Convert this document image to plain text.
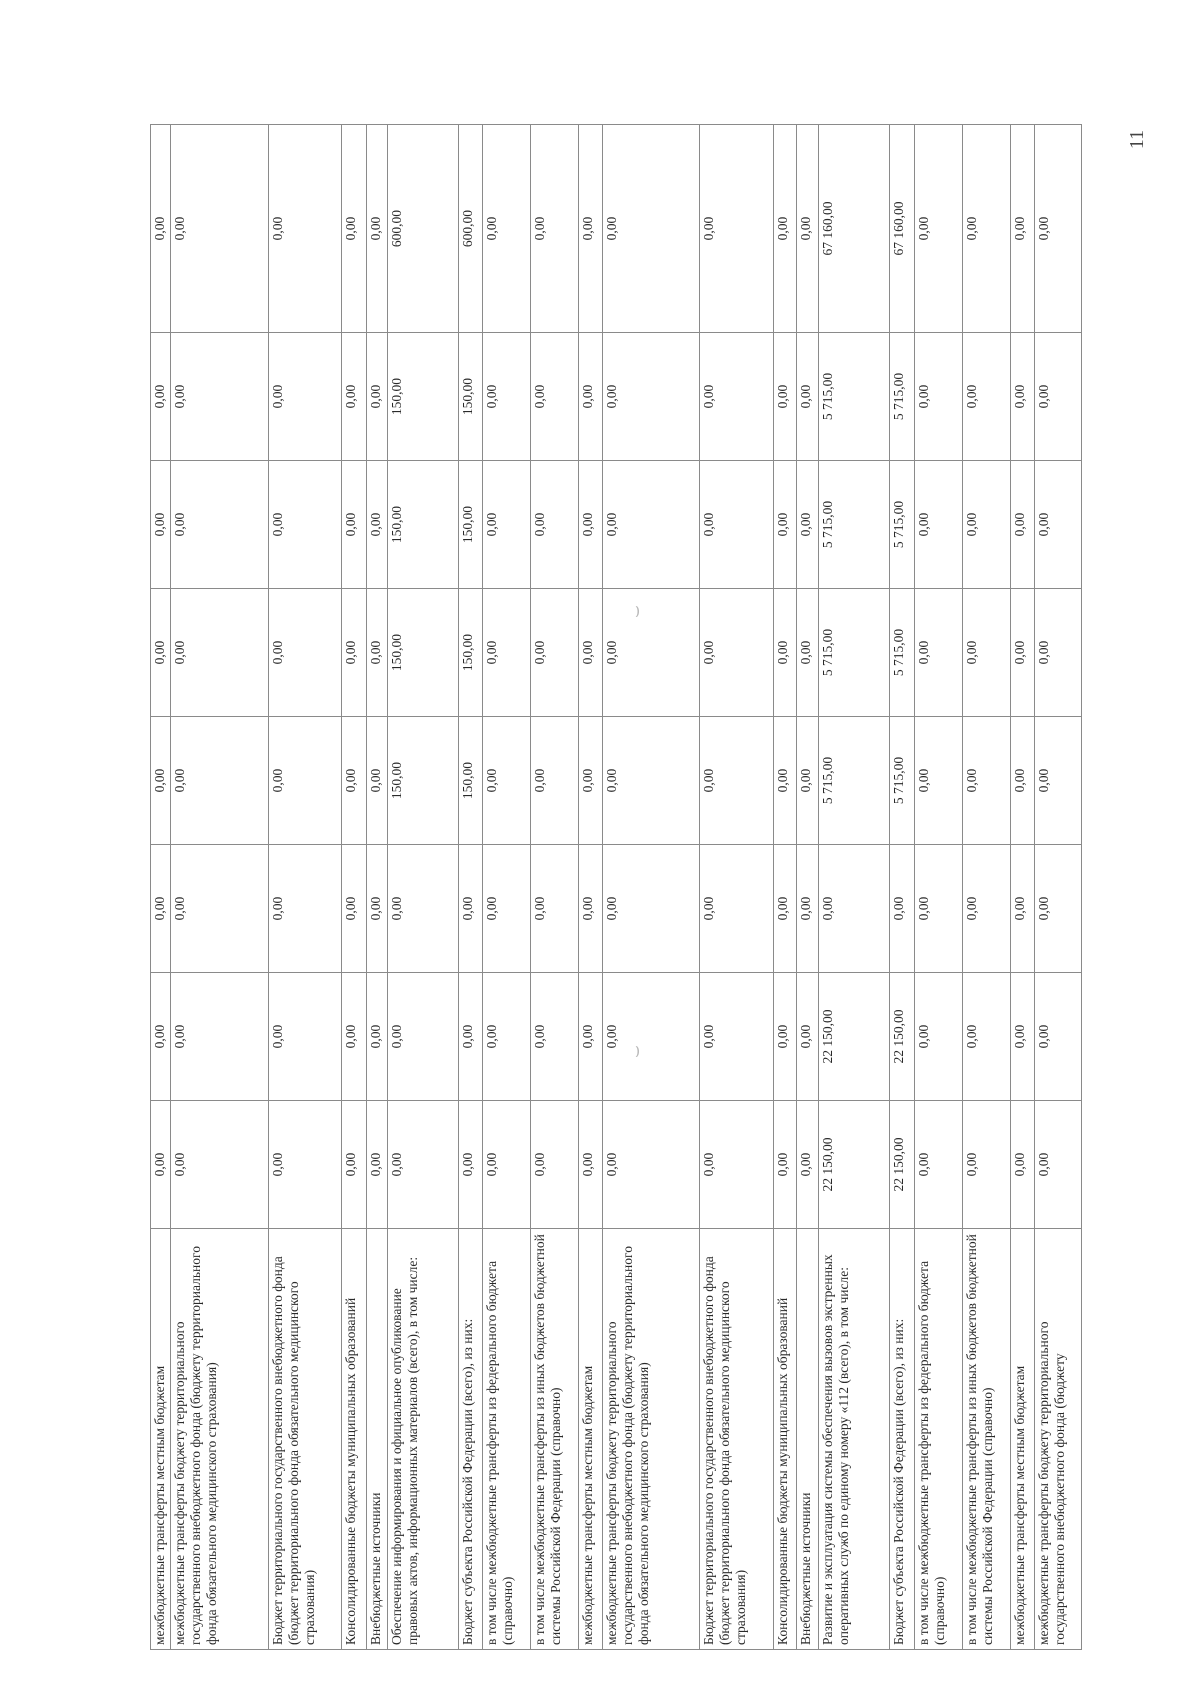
межбюджетные трансферты местным бюджетам	0,00	0,00	0,00	0,00	0,00	0,00	0,00	0,00
межбюджетные трансферты бюджету территориального государственного внебюджетного фонда (бюджету территориального фонда обязательного медицинского страхования)	0,00	0,00	0,00	0,00	0,00	0,00	0,00	0,00
Бюджет территориального государственного внебюджетного фонда (бюджет территориального фонда обязательного медицинского страхования)	0,00	0,00	0,00	0,00	0,00	0,00	0,00	0,00
Консолидированные бюджеты муниципальных образований	0,00	0,00	0,00	0,00	0,00	0,00	0,00	0,00
Внебюджетные источники	0,00	0,00	0,00	0,00	0,00	0,00	0,00	0,00
Обеспечение информирования и официальное опубликование правовых актов, информационных материалов (всего), в том числе:	0,00	0,00	0,00	150,00	150,00	150,00	150,00	600,00
Бюджет субъекта Российской Федерации (всего), из них:	0,00	0,00	0,00	150,00	150,00	150,00	150,00	600,00
в том числе межбюджетные трансферты из федерального бюджета (справочно)	0,00	0,00	0,00	0,00	0,00	0,00	0,00	0,00
в том числе межбюджетные трансферты из иных бюджетов бюджетной системы Российской Федерации (справочно)	0,00	0,00	0,00	0,00	0,00	0,00	0,00	0,00
межбюджетные трансферты местным бюджетам	0,00	0,00	0,00	0,00	0,00	0,00	0,00	0,00
межбюджетные трансферты бюджету территориального государственного внебюджетного фонда (бюджету территориального фонда обязательного медицинского страхования)	0,00	0,00	0,00	0,00	0,00	0,00	0,00	0,00
Бюджет территориального государственного внебюджетного фонда (бюджет территориального фонда обязательного медицинского страхования)	0,00	0,00	0,00	0,00	0,00	0,00	0,00	0,00
Консолидированные бюджеты муниципальных образований	0,00	0,00	0,00	0,00	0,00	0,00	0,00	0,00
Внебюджетные источники	0,00	0,00	0,00	0,00	0,00	0,00	0,00	0,00
Развитие и эксплуатация системы обеспечения вызовов экстренных оперативных служб по единому номеру «112 (всего), в том числе:	22 150,00	22 150,00	0,00	5 715,00	5 715,00	5 715,00	5 715,00	67 160,00
Бюджет субъекта Российской Федерации (всего), из них:	22 150,00	22 150,00	0,00	5 715,00	5 715,00	5 715,00	5 715,00	67 160,00
в том числе межбюджетные трансферты из федерального бюджета (справочно)	0,00	0,00	0,00	0,00	0,00	0,00	0,00	0,00
в том числе межбюджетные трансферты из иных бюджетов бюджетной системы Российской Федерации (справочно)	0,00	0,00	0,00	0,00	0,00	0,00	0,00	0,00
межбюджетные трансферты местным бюджетам	0,00	0,00	0,00	0,00	0,00	0,00	0,00	0,00
межбюджетные трансферты бюджету территориального государственного внебюджетного фонда (бюджету	0,00	0,00	0,00	0,00	0,00	0,00	0,00	0,00
11
⌣
⌣
